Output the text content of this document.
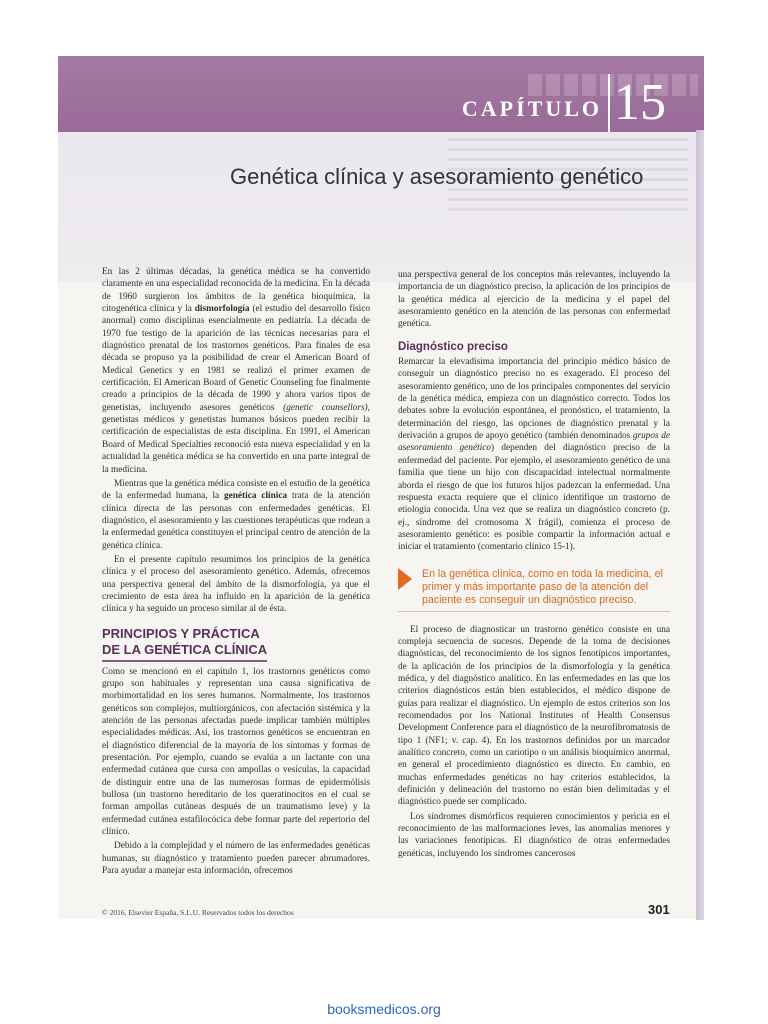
CAPÍTULO 15
Genética clínica y asesoramiento genético

En las 2 últimas décadas, la genética médica se ha convertido claramente en una especialidad reconocida de la medicina. En la década de 1960 surgieron los ámbitos de la genética bioquímica, la citogenética clínica y la dismorfología (el estudio del desarrollo físico anormal) como disciplinas esencialmente en pediatría. La década de 1970 fue testigo de la aparición de las técnicas necesarias para el diagnóstico prenatal de los trastornos genéticos. Para finales de esa década se propuso ya la posibilidad de crear el American Board of Medical Genetics y en 1981 se realizó el primer examen de certificación. El American Board of Genetic Counseling fue finalmente creado a principios de la década de 1990 y ahora varios tipos de genetistas, incluyendo asesores genéticos (genetic counsellors), genetistas médicos y genetistas humanos básicos pueden recibir la certificación de especialistas de esta disciplina. En 1991, el American Board of Medical Specialties reconoció esta nueva especialidad y en la actualidad la genética médica se ha convertido en una parte integral de la medicina.

Mientras que la genética médica consiste en el estudio de la genética de la enfermedad humana, la genética clínica trata de la atención clínica directa de las personas con enfermedades genéticas. El diagnóstico, el asesoramiento y las cuestiones terapéuticas que rodean a la enfermedad genética constituyen el principal centro de atención de la genética clínica.

En el presente capítulo resumimos los principios de la genética clínica y el proceso del asesoramiento genético. Además, ofrecemos una perspectiva general del ámbito de la dismorfología, ya que el crecimiento de esta área ha influido en la aparición de la genética clínica y ha seguido un proceso similar al de ésta.

PRINCIPIOS Y PRÁCTICA
DE LA GENÉTICA CLÍNICA

Como se mencionó en el capítulo 1, los trastornos genéticos como grupo son habituales y representan una causa significativa de morbimortalidad en los seres humanos. Normalmente, los trastornos genéticos son complejos, multiorgánicos, con afectación sistémica y la atención de las personas afectadas puede implicar también múltiples especialidades médicas. Así, los trastornos genéticos se encuentran en el diagnóstico diferencial de la mayoría de los síntomas y formas de presentación. Por ejemplo, cuando se evalúa a un lactante con una enfermedad cutánea que cursa con ampollas o vesículas, la capacidad de distinguir entre una de las numerosas formas de epidermólisis bullosa (un trastorno hereditario de los queratinocitos en el cual se forman ampollas cutáneas después de un traumatismo leve) y la enfermedad cutánea estafilocócica debe formar parte del repertorio del clínico.

Debido a la complejidad y el número de las enfermedades genéticas humanas, su diagnóstico y tratamiento pueden parecer abrumadores. Para ayudar a manejar esta información, ofrecemos

una perspectiva general de los conceptos más relevantes, incluyendo la importancia de un diagnóstico preciso, la aplicación de los principios de la genética médica al ejercicio de la medicina y el papel del asesoramiento genético en la atención de las personas con enfermedad genética.

Diagnóstico preciso

Remarcar la elevadísima importancia del principio médico básico de conseguir un diagnóstico preciso no es exagerado. El proceso del asesoramiento genético, uno de los principales componentes del servicio de la genética médica, empieza con un diagnóstico correcto. Todos los debates sobre la evolución espontánea, el pronóstico, el tratamiento, la determinación del riesgo, las opciones de diagnóstico prenatal y la derivación a grupos de apoyo genético (también denominados grupos de asesoramiento genético) dependen del diagnóstico preciso de la enfermedad del paciente. Por ejemplo, el asesoramiento genético de una familia que tiene un hijo con discapacidad intelectual normalmente aborda el riesgo de que los futuros hijos padezcan la enfermedad. Una respuesta exacta requiere que el clínico identifique un trastorno de etiología conocida. Una vez que se realiza un diagnóstico concreto (p. ej., síndrome del cromosoma X frágil), comienza el proceso de asesoramiento genético: es posible compartir la información actual e iniciar el tratamiento (comentario clínico 15-1).

En la genética clínica, como en toda la medicina, el primer y más importante paso de la atención del paciente es conseguir un diagnóstico preciso.

El proceso de diagnosticar un trastorno genético consiste en una compleja secuencia de sucesos. Depende de la toma de decisiones diagnósticas, del reconocimiento de los signos fenotípicos importantes, de la aplicación de los principios de la dismorfología y la genética médica, y del diagnóstico analítico. En las enfermedades en las que los criterios diagnósticos están bien establecidos, el médico dispone de guías para realizar el diagnóstico. Un ejemplo de estos criterios son los recomendados por los National Institutes of Health Consensus Development Conference para el diagnóstico de la neurofibromatosis de tipo 1 (NF1; v. cap. 4). En los trastornos definidos por un marcador analítico concreto, como un cariotipo o un análisis bioquímico anormal, en general el procedimiento diagnóstico es directo. En cambio, en muchas enfermedades genéticas no hay criterios establecidos, la definición y delineación del trastorno no están bien delimitadas y el diagnóstico puede ser complicado.

Los síndromes dismórficos requieren conocimientos y pericia en el reconocimiento de las malformaciones leves, las anomalías menores y las variaciones fenotípicas. El diagnóstico de otras enfermedades genéticas, incluyendo los síndromes cancerosos

© 2016. Elsevier España, S.L.U. Reservados todos los derechos	301
booksmedicos.org
